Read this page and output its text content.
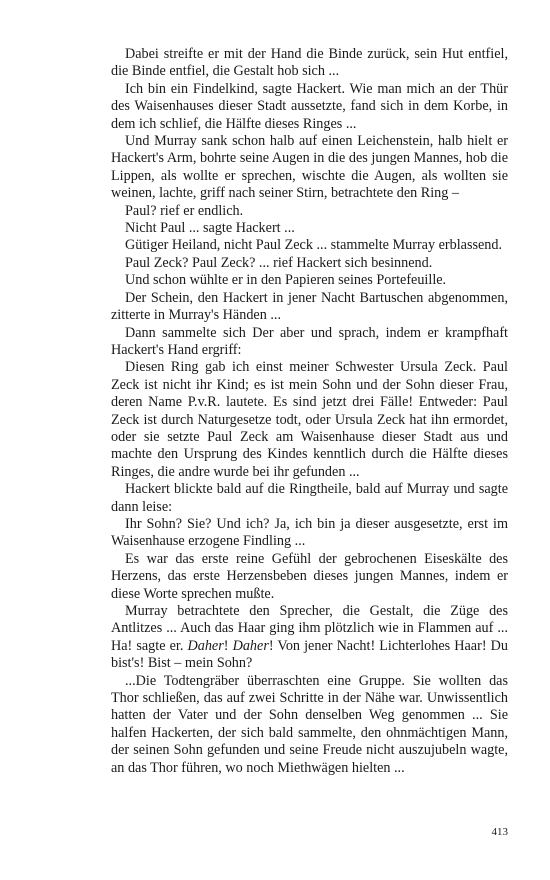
Dabei streifte er mit der Hand die Binde zurück, sein Hut entfiel, die Binde entfiel, die Gestalt hob sich ...

Ich bin ein Findelkind, sagte Hackert. Wie man mich an der Thür des Waisenhauses dieser Stadt aussetzte, fand sich in dem Korbe, in dem ich schlief, die Hälfte dieses Ringes ...

Und Murray sank schon halb auf einen Leichenstein, halb hielt er Hackert's Arm, bohrte seine Augen in die des jungen Mannes, hob die Lippen, als wollte er sprechen, wischte die Augen, als wollten sie weinen, lachte, griff nach seiner Stirn, betrachtete den Ring –

Paul? rief er endlich.

Nicht Paul ... sagte Hackert ...

Gütiger Heiland, nicht Paul Zeck ... stammelte Murray erblassend.

Paul Zeck? Paul Zeck? ... rief Hackert sich besinnend.

Und schon wühlte er in den Papieren seines Portefeuille.

Der Schein, den Hackert in jener Nacht Bartuschen abgenommen, zitterte in Murray's Händen ...

Dann sammelte sich Der aber und sprach, indem er krampfhaft Hackert's Hand ergriff:

Diesen Ring gab ich einst meiner Schwester Ursula Zeck. Paul Zeck ist nicht ihr Kind; es ist mein Sohn und der Sohn dieser Frau, deren Name P.v.R. lautete. Es sind jetzt drei Fälle! Entweder: Paul Zeck ist durch Naturgesetze todt, oder Ursula Zeck hat ihn ermordet, oder sie setzte Paul Zeck am Waisenhause dieser Stadt aus und machte den Ursprung des Kindes kenntlich durch die Hälfte dieses Ringes, die andre wurde bei ihr gefunden ...

Hackert blickte bald auf die Ringtheile, bald auf Murray und sagte dann leise:

Ihr Sohn? Sie? Und ich? Ja, ich bin ja dieser ausgesetzte, erst im Waisenhause erzogene Findling ...

Es war das erste reine Gefühl der gebrochenen Eiseskälte des Herzens, das erste Herzensbeben dieses jungen Mannes, indem er diese Worte sprechen mußte.

Murray betrachtete den Sprecher, die Gestalt, die Züge des Antlitzes ... Auch das Haar ging ihm plötzlich wie in Flammen auf ... Ha! sagte er. Daher! Daher! Von jener Nacht! Lichterlohes Haar! Du bist's! Bist – mein Sohn?

...Die Todtengräber überraschten eine Gruppe. Sie wollten das Thor schließen, das auf zwei Schritte in der Nähe war. Unwissentlich hatten der Vater und der Sohn denselben Weg genommen ... Sie halfen Hackerten, der sich bald sammelte, den ohnmächtigen Mann, der seinen Sohn gefunden und seine Freude nicht auszujubeln wagte, an das Thor führen, wo noch Miethwägen hielten ...

413
